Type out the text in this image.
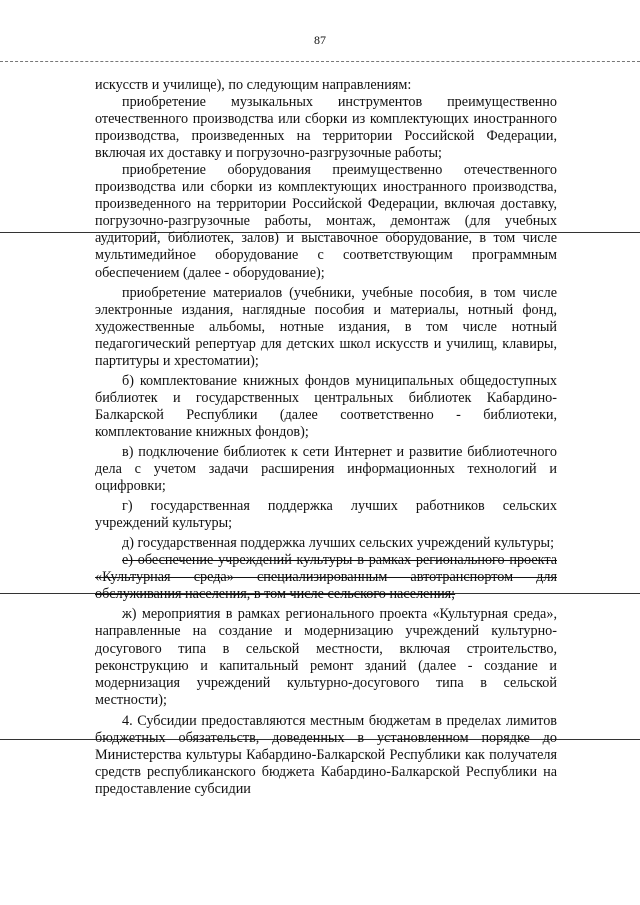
87

искусств и училище), по следующим направлениям:

приобретение музыкальных инструментов преимущественно отечественного производства или сборки из комплектующих иностранного производства, произведенных на территории Российской Федерации, включая их доставку и погрузочно-разгрузочные работы;

приобретение оборудования преимущественно отечественного производства или сборки из комплектующих иностранного производства, произведенного на территории Российской Федерации, включая доставку, погрузочно-разгрузочные работы, монтаж, демонтаж (для учебных аудиторий, библиотек, залов) и выставочное оборудование, в том числе мультимедийное оборудование с соответствующим программным обеспечением (далее - оборудование);

приобретение материалов (учебники, учебные пособия, в том числе электронные издания, наглядные пособия и материалы, нотный фонд, художественные альбомы, нотные издания, в том числе нотный педагогический репертуар для детских школ искусств и училищ, клавиры, партитуры и хрестоматии);

б) комплектование книжных фондов муниципальных общедоступных библиотек и государственных центральных библиотек Кабардино-Балкарской Республики (далее соответственно - библиотеки, комплектование книжных фондов);

в) подключение библиотек к сети Интернет и развитие библиотечного дела с учетом задачи расширения информационных технологий и оцифровки;

г) государственная поддержка лучших работников сельских учреждений культуры;

д) государственная поддержка лучших сельских учреждений культуры;

е) обеспечение учреждений культуры в рамках регионального проекта «Культурная среда» специализированным автотранспортом для обслуживания населения, в том числе сельского населения;

ж) мероприятия в рамках регионального проекта «Культурная среда», направленные на создание и модернизацию учреждений культурно-досугового типа в сельской местности, включая строительство, реконструкцию и капитальный ремонт зданий (далее - создание и модернизация учреждений культурно-досугового типа в сельской местности);

4. Субсидии предоставляются местным бюджетам в пределах лимитов бюджетных обязательств, доведенных в установленном порядке до Министерства культуры Кабардино-Балкарской Республики как получателя средств республиканского бюджета Кабардино-Балкарской Республики на предоставление субсидии
